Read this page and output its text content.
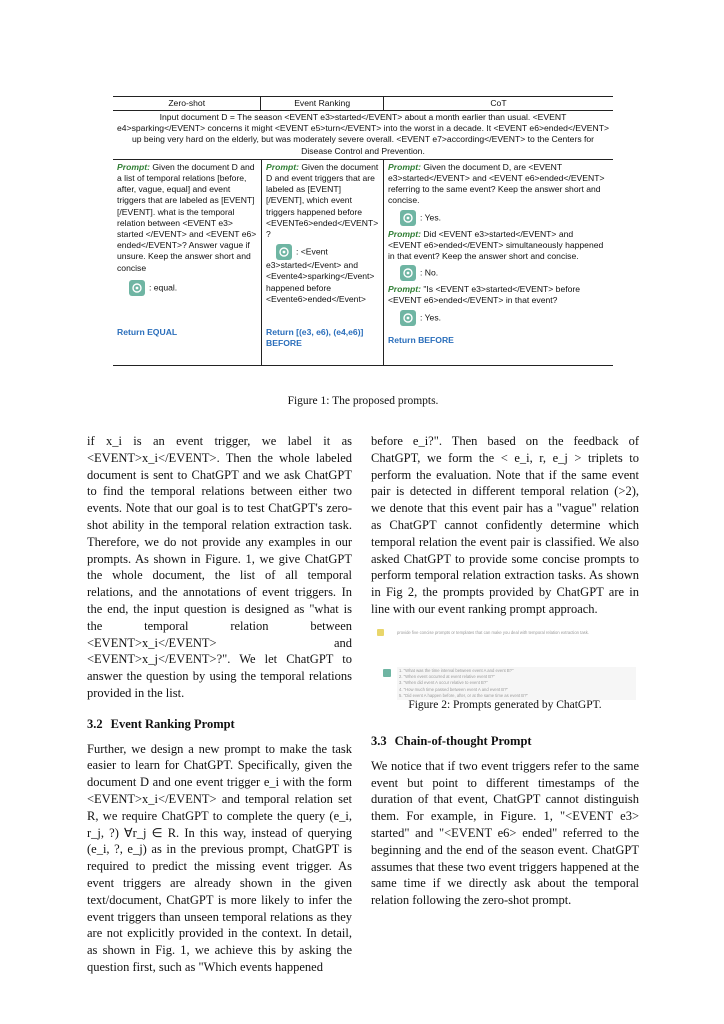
Zero-shot	Event Ranking	CoT
Input document D = The season <EVENT e3>started</EVENT> about a month earlier than usual. <EVENT e4>sparking</EVENT> concerns it might <EVENT e5>turn</EVENT> into the worst in a decade. It <EVENT e6>ended</EVENT> up being very hard on the elderly, but was moderately severe overall. <EVENT e7>according</EVENT> to the Centers for Disease Control and Prevention.
Prompt: Given the document D and a list of temporal relations [before, after, vague, equal] and event triggers that are labeled as [EVENT][/EVENT]. what is the temporal relation between <EVENT e3> started </EVENT> and <EVENT e6> ended</EVENT>? Answer vague if unsure. Keep the answer short and concise
: equal.
Return EQUAL
Prompt: Given the document D and event triggers that are labeled as [EVENT][/EVENT], which event triggers happened before <EVENTe6>ended</EVENT> ?
: <Event e3>started</Event> and <Evente4>sparking</Event> happened before <Evente6>ended</Event>
Return [(e3, e6), (e4,e6)] BEFORE
Prompt: Given the document D, are <EVENT e3>started</EVENT> and <EVENT e6>ended</EVENT> referring to the same event? Keep the answer short and concise.
: Yes.
Prompt: Did <EVENT e3>started</EVENT> and <EVENT e6>ended</EVENT> simultaneously happened in that event? Keep the answer short and concise.
: No.
Prompt: "Is <EVENT e3>started</EVENT> before <EVENT e6>ended</EVENT> in that event?
: Yes.
Return BEFORE
Figure 1: The proposed prompts.

if x_i is an event trigger, we label it as <EVENT>x_i</EVENT>. Then the whole labeled document is sent to ChatGPT and we ask ChatGPT to find the temporal relations between either two events. Note that our goal is to test ChatGPT's zero-shot ability in the temporal relation extraction task. Therefore, we do not provide any examples in our prompts. As shown in Figure. 1, we give ChatGPT the whole document, the list of all temporal relations, and the annotations of event triggers. In the end, the input question is designed as "what is the temporal relation between <EVENT>x_i</EVENT> and <EVENT>x_j</EVENT>?". We let ChatGPT to answer the question by using the temporal relations provided in the list.

3.2 Event Ranking Prompt

Further, we design a new prompt to make the task easier to learn for ChatGPT. Specifically, given the document D and one event trigger e_i with the form <EVENT>x_i</EVENT> and temporal relation set R, we require ChatGPT to complete the query (e_i, r_j, ?) ∀r_j ∈ R. In this way, instead of querying (e_i, ?, e_j) as in the previous prompt, ChatGPT is required to predict the missing event trigger. As event triggers are already shown in the given text/document, ChatGPT is more likely to infer the event triggers than unseen temporal relations as they are not explicitly provided in the context. In detail, as shown in Fig. 1, we achieve this by asking the question first, such as "Which events happened

before e_i?". Then based on the feedback of ChatGPT, we form the < e_i, r, e_j > triplets to perform the evaluation. Note that if the same event pair is detected in different temporal relation (>2), we denote that this event pair has a "vague" relation as ChatGPT cannot confidently determine which temporal relation the event pair is classified. We also asked ChatGPT to provide some concise prompts to perform temporal relation extraction tasks. As shown in Fig 2, the prompts provided by ChatGPT are in line with our event ranking prompt approach.

provide five concise prompts or templates that can make you deal with temporal relation extraction task.
1. "What was the time interval between event A and event B?"
2. "When event occurred at event relative event B?"
3. "When did event A occur relative to event B?"
4. "How much time passed between event A and event B?"
5. "Did event A happen before, after, or at the same time as event B?"
Figure 2: Prompts generated by ChatGPT.
3.3 Chain-of-thought Prompt

We notice that if two event triggers refer to the same event but point to different timestamps of the duration of that event, ChatGPT cannot distinguish them. For example, in Figure. 1, "<EVENT e3> started" and "<EVENT e6> ended" referred to the beginning and the end of the season event. ChatGPT assumes that these two event triggers happened at the same time if we directly ask about the temporal relation following the zero-shot prompt.
